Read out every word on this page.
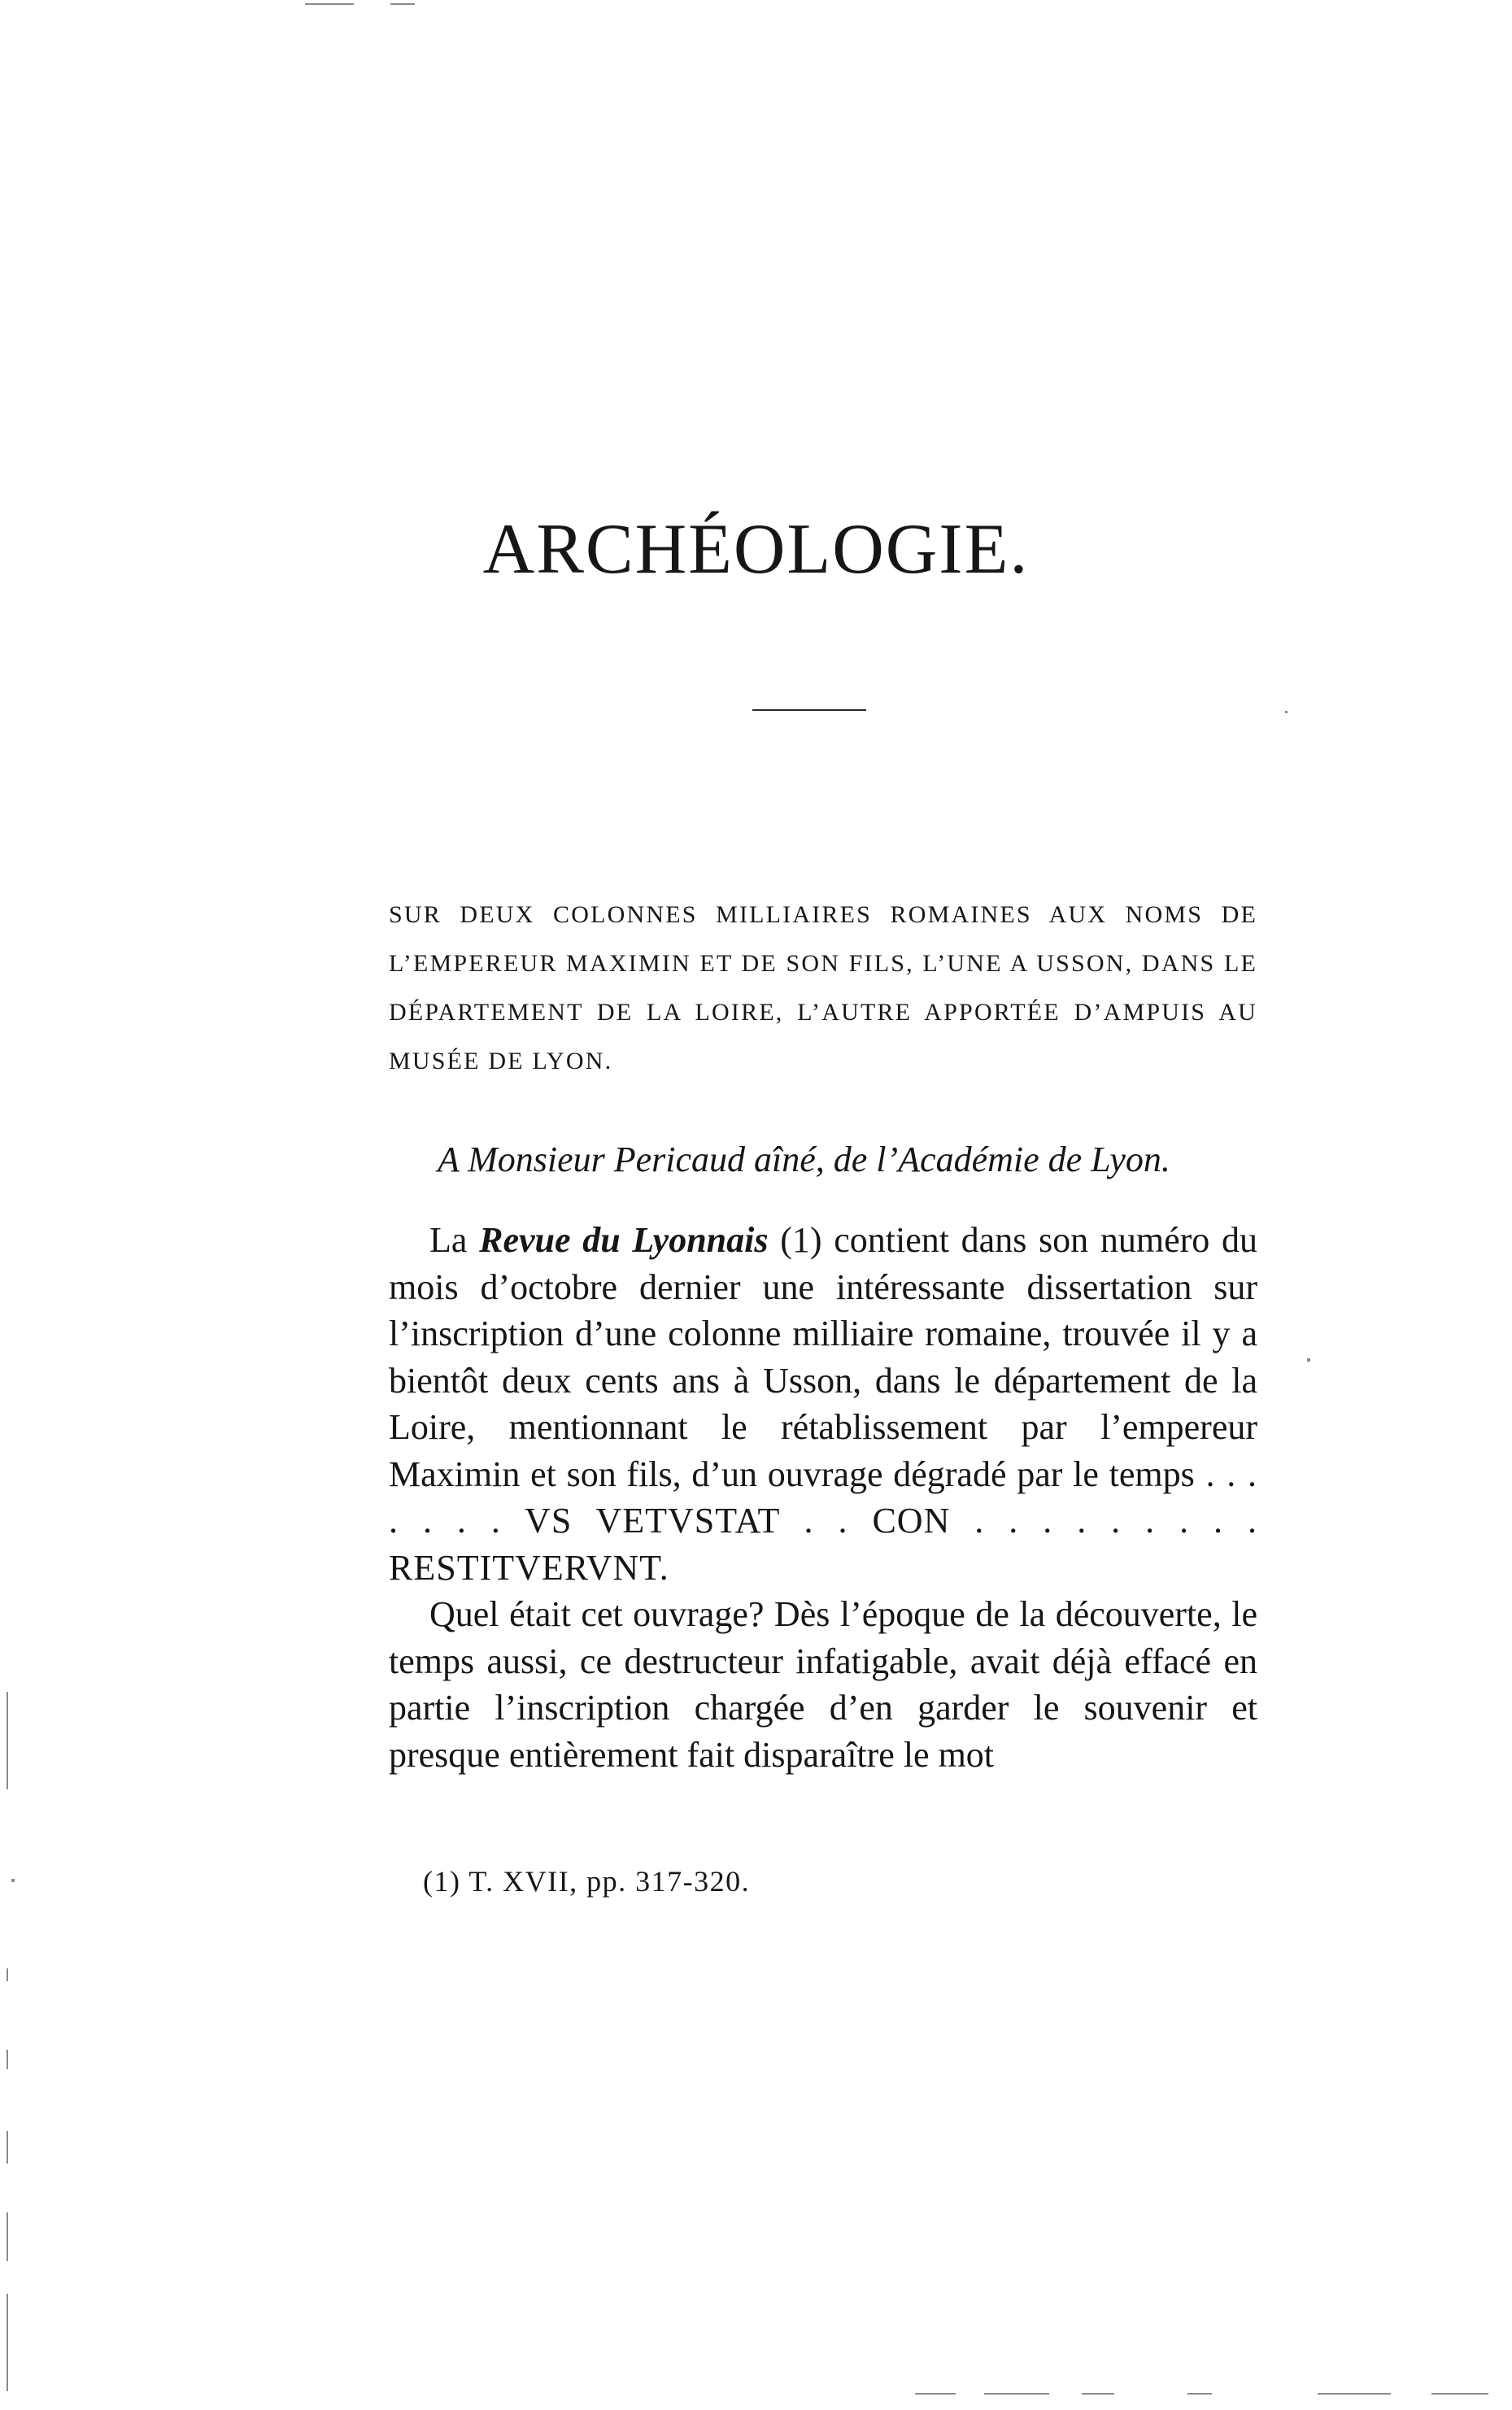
ARCHÉOLOGIE.

SUR DEUX COLONNES MILLIAIRES ROMAINES AUX NOMS DE L’EMPEREUR MAXIMIN ET DE SON FILS, L’UNE A USSON, DANS LE DÉPARTEMENT DE LA LOIRE, L’AUTRE APPORTÉE D’AMPUIS AU MUSÉE DE LYON.

A Monsieur Pericaud aîné, de l’Académie de Lyon.

La Revue du Lyonnais (1) contient dans son numéro du mois d’octobre dernier une intéressante dissertation sur l’inscription d’une colonne milliaire romaine, trouvée il y a bientôt deux cents ans à Usson, dans le département de la Loire, mentionnant le rétablissement par l’empereur Maximin et son fils, d’un ouvrage dégradé par le temps . . . . . . . VS VETVSTAT . . CON . . . . . . . . . RESTITVERVNT.

Quel était cet ouvrage? Dès l’époque de la découverte, le temps aussi, ce destructeur infatigable, avait déjà effacé en partie l’inscription chargée d’en garder le souvenir et presque entièrement fait disparaître le mot

(1) T. XVII, pp. 317-320.
